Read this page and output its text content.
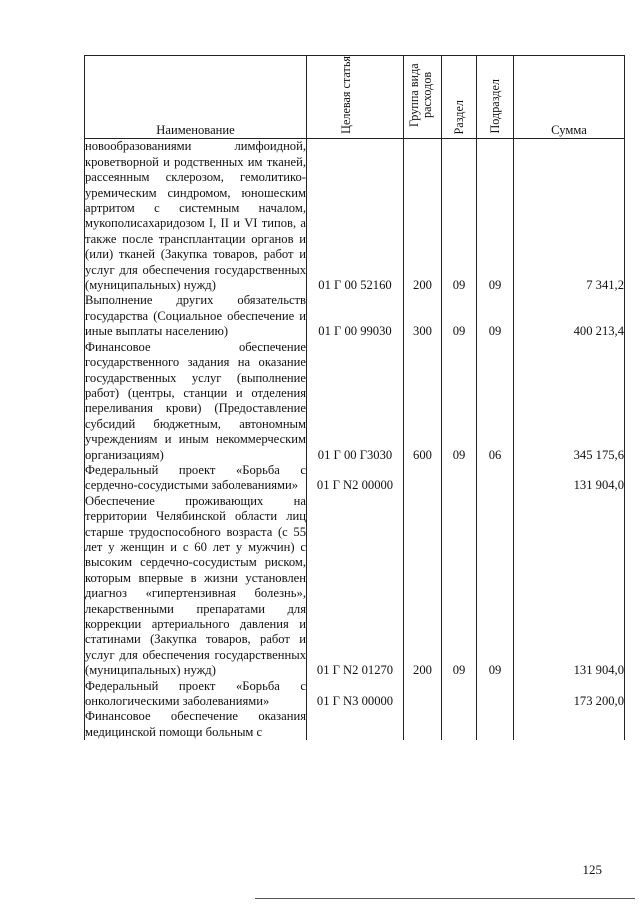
Наименование	Целевая статья	Группа вида расходов	Раздел	Подраздел	Сумма
новообразованиями лимфоидной, кроветворной и родственных им тканей, рассеянным склерозом, гемолитико-уремическим синдромом, юношеским артритом с системным началом, мукополисахаридозом I, II и VI типов, а также после трансплантации органов и (или) тканей (Закупка товаров, работ и услуг для обеспечения государственных (муниципальных) нужд)	01 Г 00 52160	200	09	09	7 341,2
Выполнение других обязательств государства (Социальное обеспечение и иные выплаты населению)	01 Г 00 99030	300	09	09	400 213,4
Финансовое обеспечение государственного задания на оказание государственных услуг (выполнение работ) (центры, станции и отделения переливания крови) (Предоставление субсидий бюджетным, автономным учреждениям и иным некоммерческим организациям)	01 Г 00 Г3030	600	09	06	345 175,6
Федеральный проект «Борьба с сердечно-сосудистыми заболеваниями»	01 Г N2 00000				131 904,0
Обеспечение проживающих на территории Челябинской области лиц старше трудоспособного возраста (с 55 лет у женщин и с 60 лет у мужчин) с высоким сердечно-сосудистым риском, которым впервые в жизни установлен диагноз «гипертензивная болезнь», лекарственными препаратами для коррекции артериального давления и статинами (Закупка товаров, работ и услуг для обеспечения государственных (муниципальных) нужд)	01 Г N2 01270	200	09	09	131 904,0
Федеральный проект «Борьба с онкологическими заболеваниями»	01 Г N3 00000				173 200,0
Финансовое обеспечение оказания медицинской помощи больным с					
125
